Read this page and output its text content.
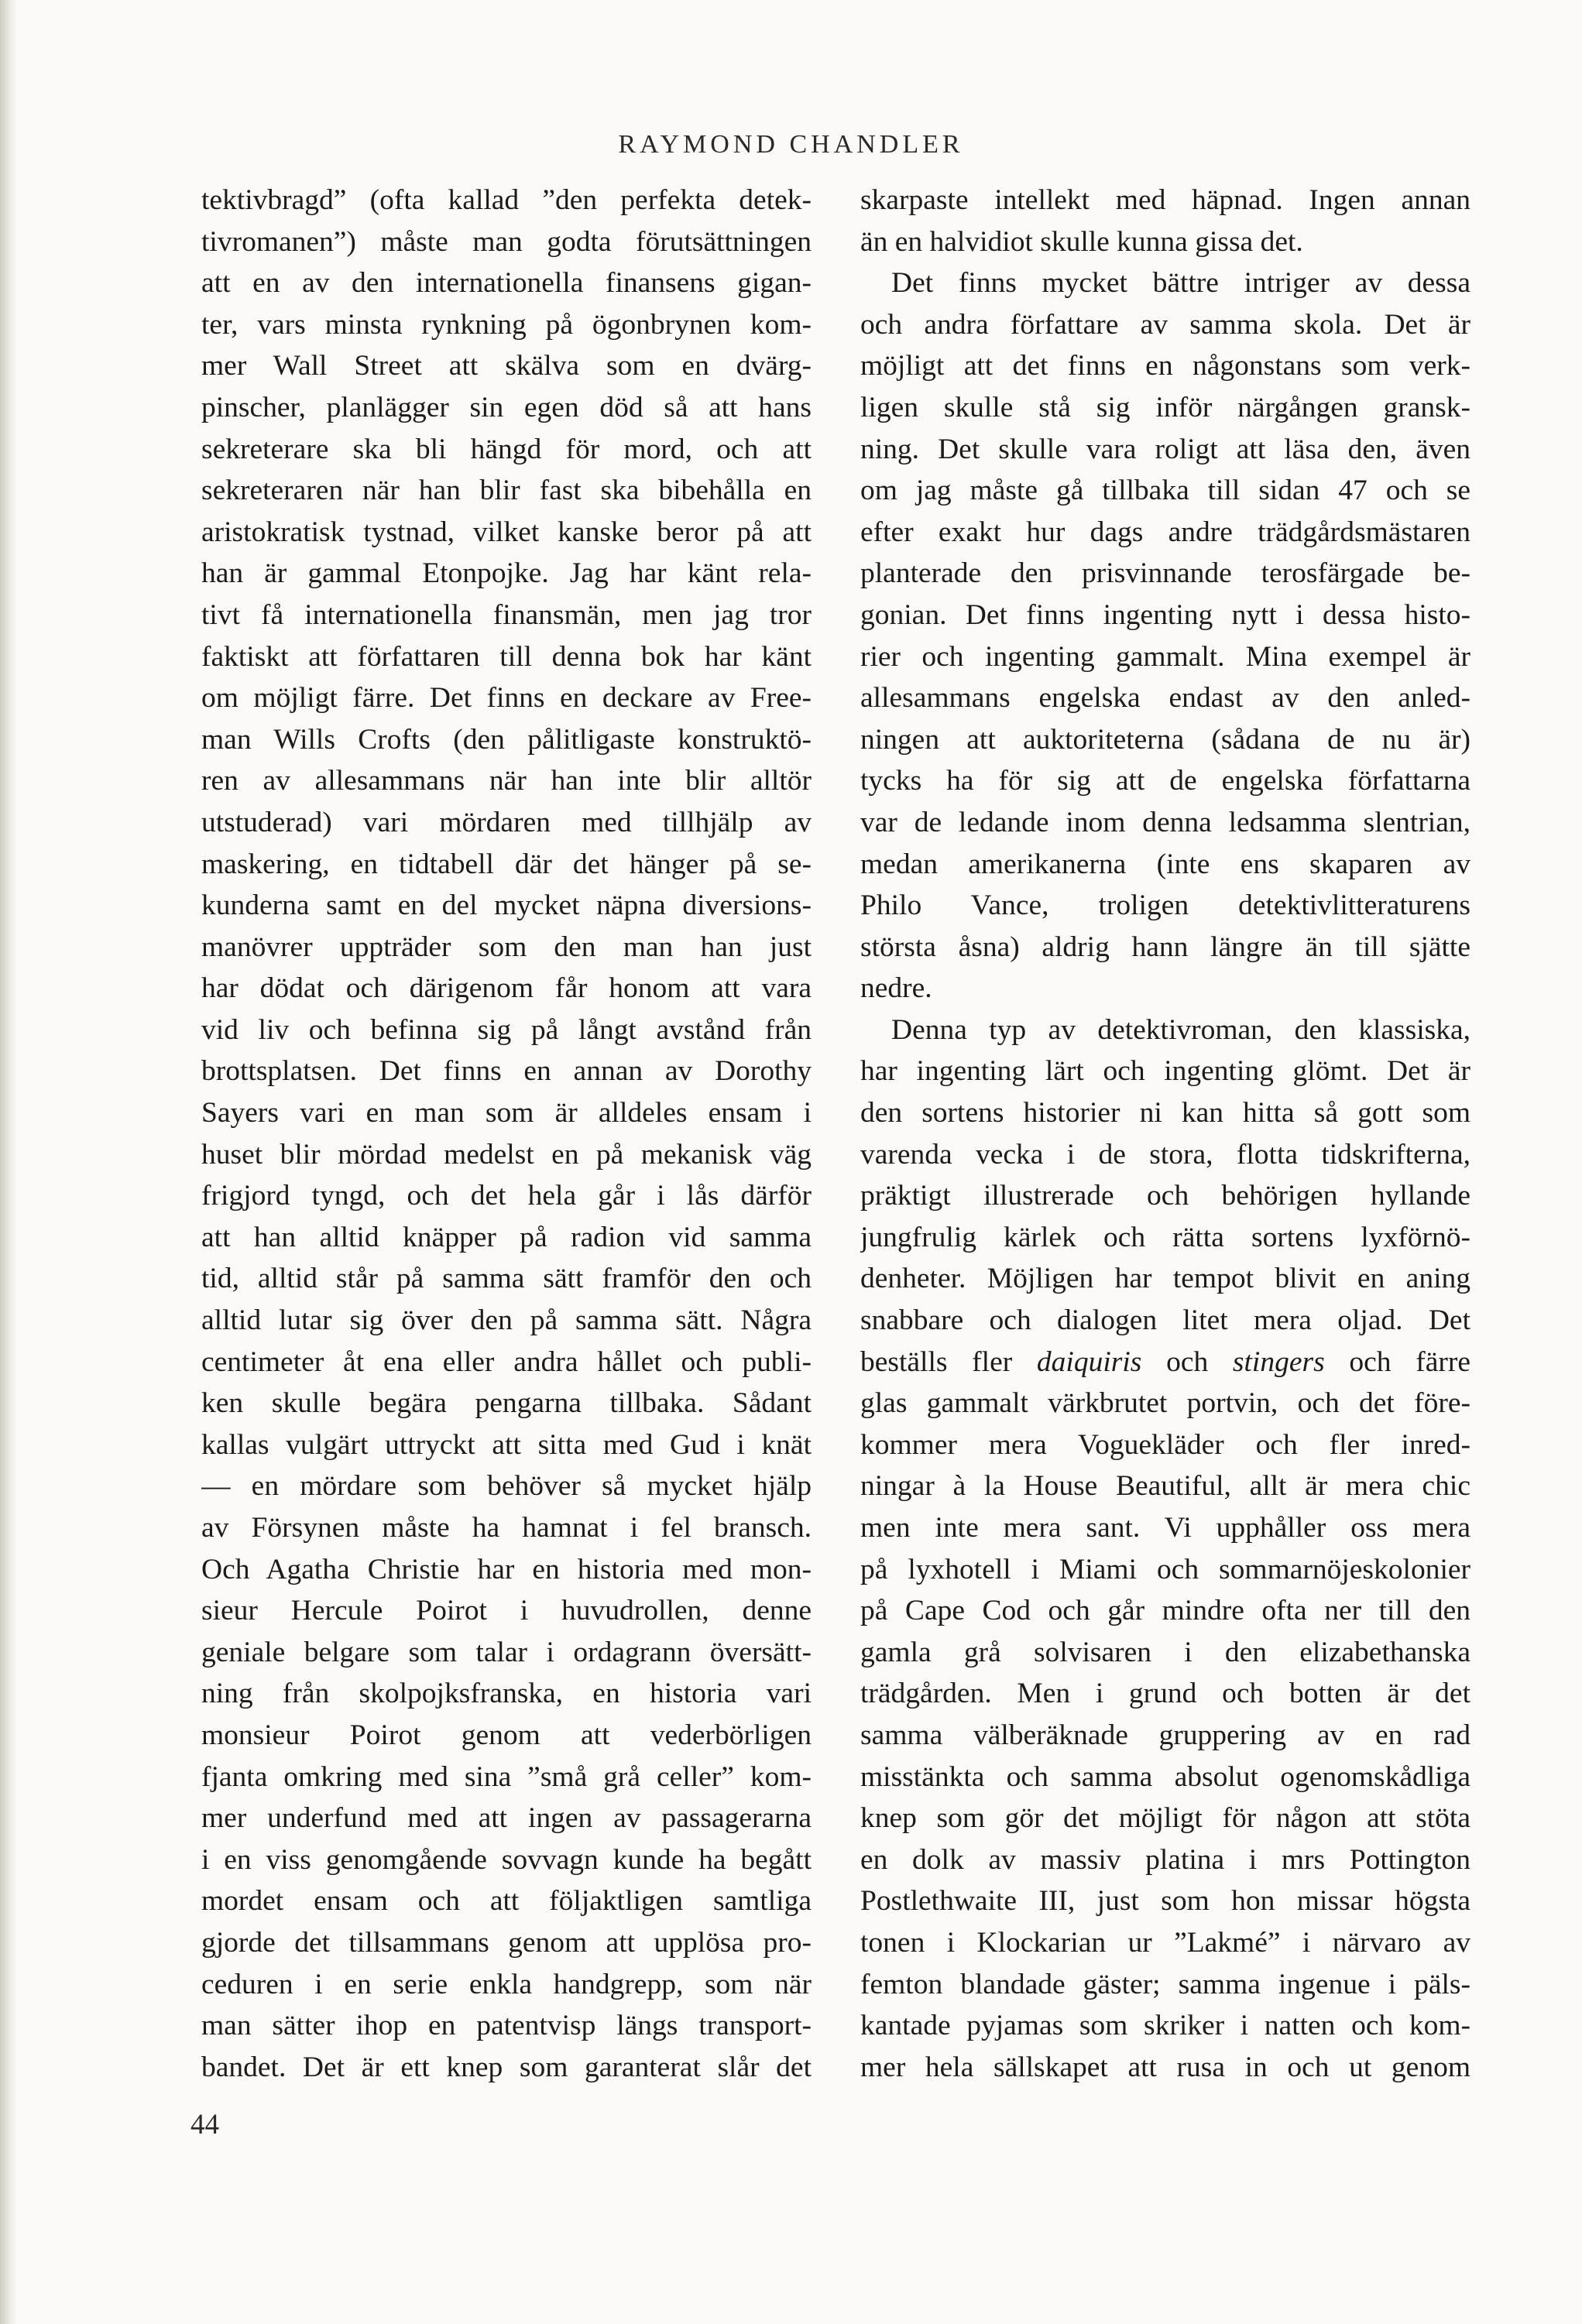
RAYMOND CHANDLER
tektivbragd” (ofta kallad ”den perfekta detek-
tivromanen”) måste man godta förutsättningen
att en av den internationella finansens gigan-
ter, vars minsta rynkning på ögonbrynen kom-
mer Wall Street att skälva som en dvärg-
pinscher, planlägger sin egen död så att hans
sekreterare ska bli hängd för mord, och att
sekreteraren när han blir fast ska bibehålla en
aristokratisk tystnad, vilket kanske beror på att
han är gammal Etonpojke. Jag har känt rela-
tivt få internationella finansmän, men jag tror
faktiskt att författaren till denna bok har känt
om möjligt färre. Det finns en deckare av Free-
man Wills Crofts (den pålitligaste konstruktö-
ren av allesammans när han inte blir alltör
utstuderad) vari mördaren med tillhjälp av
maskering, en tidtabell där det hänger på se-
kunderna samt en del mycket näpna diversions-
manövrer uppträder som den man han just
har dödat och därigenom får honom att vara
vid liv och befinna sig på långt avstånd från
brottsplatsen. Det finns en annan av Dorothy
Sayers vari en man som är alldeles ensam i
huset blir mördad medelst en på mekanisk väg
frigjord tyngd, och det hela går i lås därför
att han alltid knäpper på radion vid samma
tid, alltid står på samma sätt framför den och
alltid lutar sig över den på samma sätt. Några
centimeter åt ena eller andra hållet och publi-
ken skulle begära pengarna tillbaka. Sådant
kallas vulgärt uttryckt att sitta med Gud i knät
— en mördare som behöver så mycket hjälp
av Försynen måste ha hamnat i fel bransch.
Och Agatha Christie har en historia med mon-
sieur Hercule Poirot i huvudrollen, denne
geniale belgare som talar i ordagrann översätt-
ning från skolpojksfranska, en historia vari
monsieur Poirot genom att vederbörligen
fjanta omkring med sina ”små grå celler” kom-
mer underfund med att ingen av passagerarna
i en viss genomgående sovvagn kunde ha begått
mordet ensam och att följaktligen samtliga
gjorde det tillsammans genom att upplösa pro-
ceduren i en serie enkla handgrepp, som när
man sätter ihop en patentvisp längs transport-
bandet. Det är ett knep som garanterat slår det
skarpaste intellekt med häpnad. Ingen annan
än en halvidiot skulle kunna gissa det.
Det finns mycket bättre intriger av dessa
och andra författare av samma skola. Det är
möjligt att det finns en någonstans som verk-
ligen skulle stå sig inför närgången gransk-
ning. Det skulle vara roligt att läsa den, även
om jag måste gå tillbaka till sidan 47 och se
efter exakt hur dags andre trädgårdsmästaren
planterade den prisvinnande terosfärgade be-
gonian. Det finns ingenting nytt i dessa histo-
rier och ingenting gammalt. Mina exempel är
allesammans engelska endast av den anled-
ningen att auktoriteterna (sådana de nu är)
tycks ha för sig att de engelska författarna
var de ledande inom denna ledsamma slentrian,
medan amerikanerna (inte ens skaparen av
Philo Vance, troligen detektivlitteraturens
största åsna) aldrig hann längre än till sjätte
nedre.
Denna typ av detektivroman, den klassiska,
har ingenting lärt och ingenting glömt. Det är
den sortens historier ni kan hitta så gott som
varenda vecka i de stora, flotta tidskrifterna,
präktigt illustrerade och behörigen hyllande
jungfrulig kärlek och rätta sortens lyxförnö-
denheter. Möjligen har tempot blivit en aning
snabbare och dialogen litet mera oljad. Det
beställs fler daiquiris och stingers och färre
glas gammalt värkbrutet portvin, och det före-
kommer mera Voguekläder och fler inred-
ningar à la House Beautiful, allt är mera chic
men inte mera sant. Vi upphåller oss mera
på lyxhotell i Miami och sommarnöjeskolonier
på Cape Cod och går mindre ofta ner till den
gamla grå solvisaren i den elizabethanska
trädgården. Men i grund och botten är det
samma välberäknade gruppering av en rad
misstänkta och samma absolut ogenomskådliga
knep som gör det möjligt för någon att stöta
en dolk av massiv platina i mrs Pottington
Postlethwaite III, just som hon missar högsta
tonen i Klockarian ur ”Lakmé” i närvaro av
femton blandade gäster; samma ingenue i päls-
kantade pyjamas som skriker i natten och kom-
mer hela sällskapet att rusa in och ut genom
44
